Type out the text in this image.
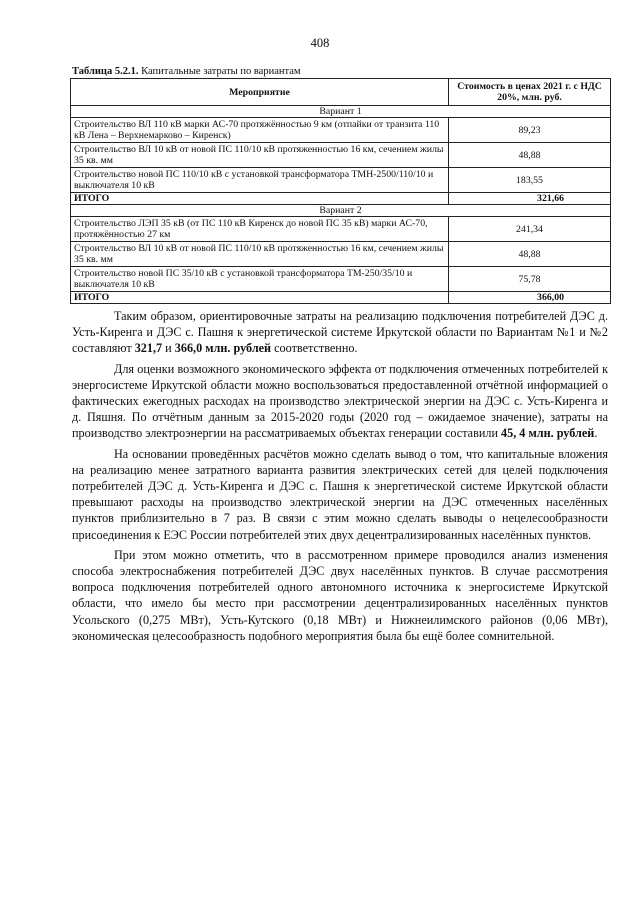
408
Таблица 5.2.1. Капитальные затраты по вариантам
Мероприятие	Стоимость в ценах 2021 г. с НДС 20%, млн. руб.
Вариант 1	
Строительство ВЛ 110 кВ марки АС-70 протяжённостью 9 км (отпайки от транзита 110 кВ Лена – Верхнемарково – Киренск)	89,23
Строительство ВЛ 10 кВ от новой ПС 110/10 кВ протяженностью 16 км, сечением жилы 35 кв. мм	48,88
Строительство новой ПС 110/10 кВ с установкой трансформатора ТМН-2500/110/10 и выключателя 10 кВ	183,55
ИТОГО	321,66
Вариант 2	
Строительство ЛЭП 35 кВ (от ПС 110 кВ Киренск до новой ПС 35 кВ) марки АС-70, протяжённостью 27 км	241,34
Строительство ВЛ 10 кВ от новой ПС 110/10 кВ протяженностью 16 км, сечением жилы 35 кв. мм	48,88
Строительство новой ПС 35/10 кВ с установкой трансформатора ТМ-250/35/10 и выключателя 10 кВ	75,78
ИТОГО	366,00

Таким образом, ориентировочные затраты на реализацию подключения потребителей ДЭС д. Усть-Киренга и ДЭС с. Пашня к энергетической системе Иркутской области по Вариантам №1 и №2 составляют 321,7 и 366,0 млн. рублей соответственно.

Для оценки возможного экономического эффекта от подключения отмеченных потребителей к энергосистеме Иркутской области можно воспользоваться предоставленной отчётной информацией о фактических ежегодных расходах на производство электрической энергии на ДЭС с. Усть-Киренга и д. Пяшня. По отчётным данным за 2015-2020 годы (2020 год – ожидаемое значение), затраты на производство электроэнергии на рассматриваемых объектах генерации составили 45, 4 млн. рублей.

На основании проведённых расчётов можно сделать вывод о том, что капитальные вложения на реализацию менее затратного варианта развития электрических сетей для целей подключения потребителей ДЭС д. Усть-Киренга и ДЭС с. Пашня к энергетической системе Иркутской области превышают расходы на производство электрической энергии на ДЭС отмеченных населённых пунктов приблизительно в 7 раз. В связи с этим можно сделать выводы о нецелесообразности присоединения к ЕЭС России потребителей этих двух децентрализированных населённых пунктов.

При этом можно отметить, что в рассмотренном примере проводился анализ изменения способа электроснабжения потребителей ДЭС двух населённых пунктов. В случае рассмотрения вопроса подключения потребителей одного автономного источника к энергосистеме Иркутской области, что имело бы место при рассмотрении децентрализированных населённых пунктов Усольского (0,275 МВт), Усть-Кутского (0,18 МВт) и Нижнеилимского районов (0,06 МВт), экономическая целесообразность подобного мероприятия была бы ещё более сомнительной.
